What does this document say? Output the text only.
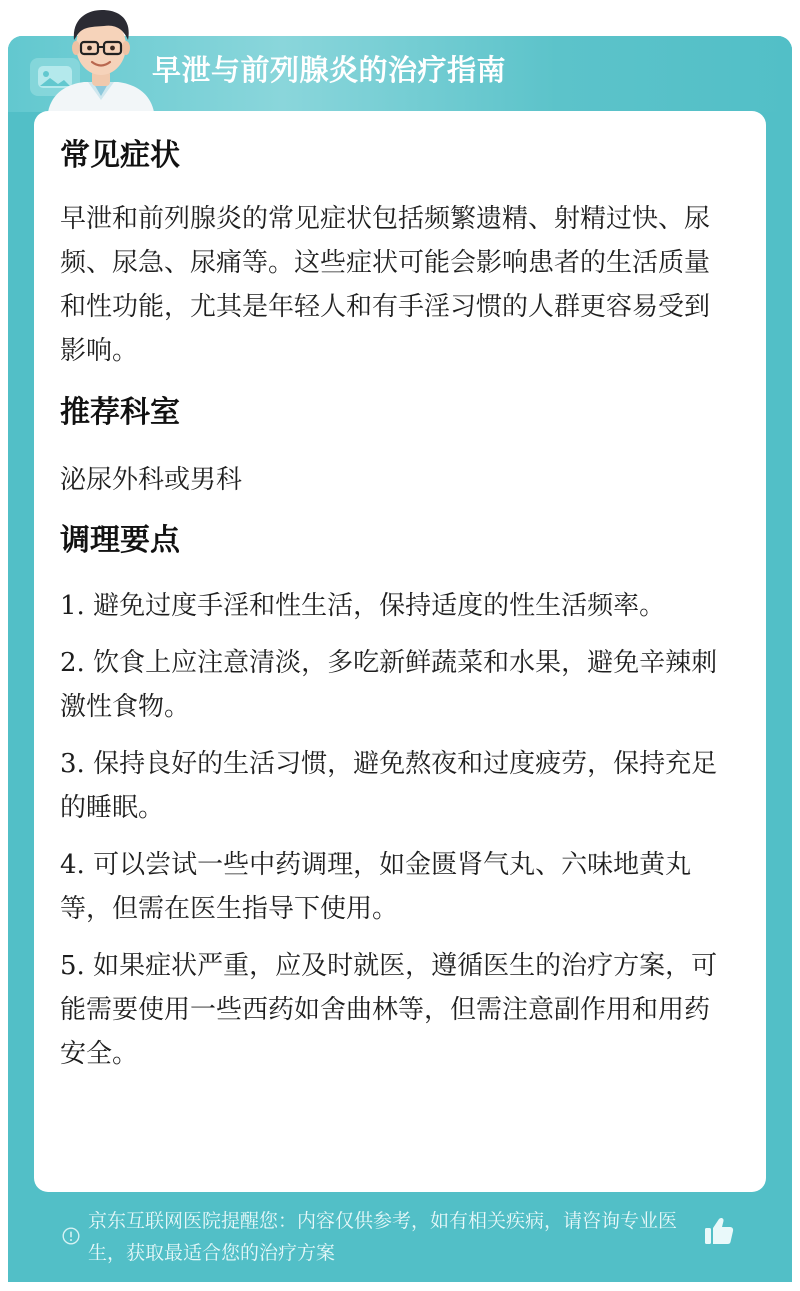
早泄与前列腺炎的治疗指南
常见症状

早泄和前列腺炎的常见症状包括频繁遗精、射精过快、尿频、尿急、尿痛等。这些症状可能会影响患者的生活质量和性功能，尤其是年轻人和有手淫习惯的人群更容易受到影响。

推荐科室

泌尿外科或男科

调理要点

1. 避免过度手淫和性生活，保持适度的性生活频率。

2. 饮食上应注意清淡，多吃新鲜蔬菜和水果，避免辛辣刺激性食物。

3. 保持良好的生活习惯，避免熬夜和过度疲劳，保持充足的睡眠。

4. 可以尝试一些中药调理，如金匮肾气丸、六味地黄丸等，但需在医生指导下使用。

5. 如果症状严重，应及时就医，遵循医生的治疗方案，可能需要使用一些西药如舍曲林等，但需注意副作用和用药安全。

京东互联网医院提醒您：内容仅供参考，如有相关疾病，请咨询专业医生，获取最适合您的治疗方案
